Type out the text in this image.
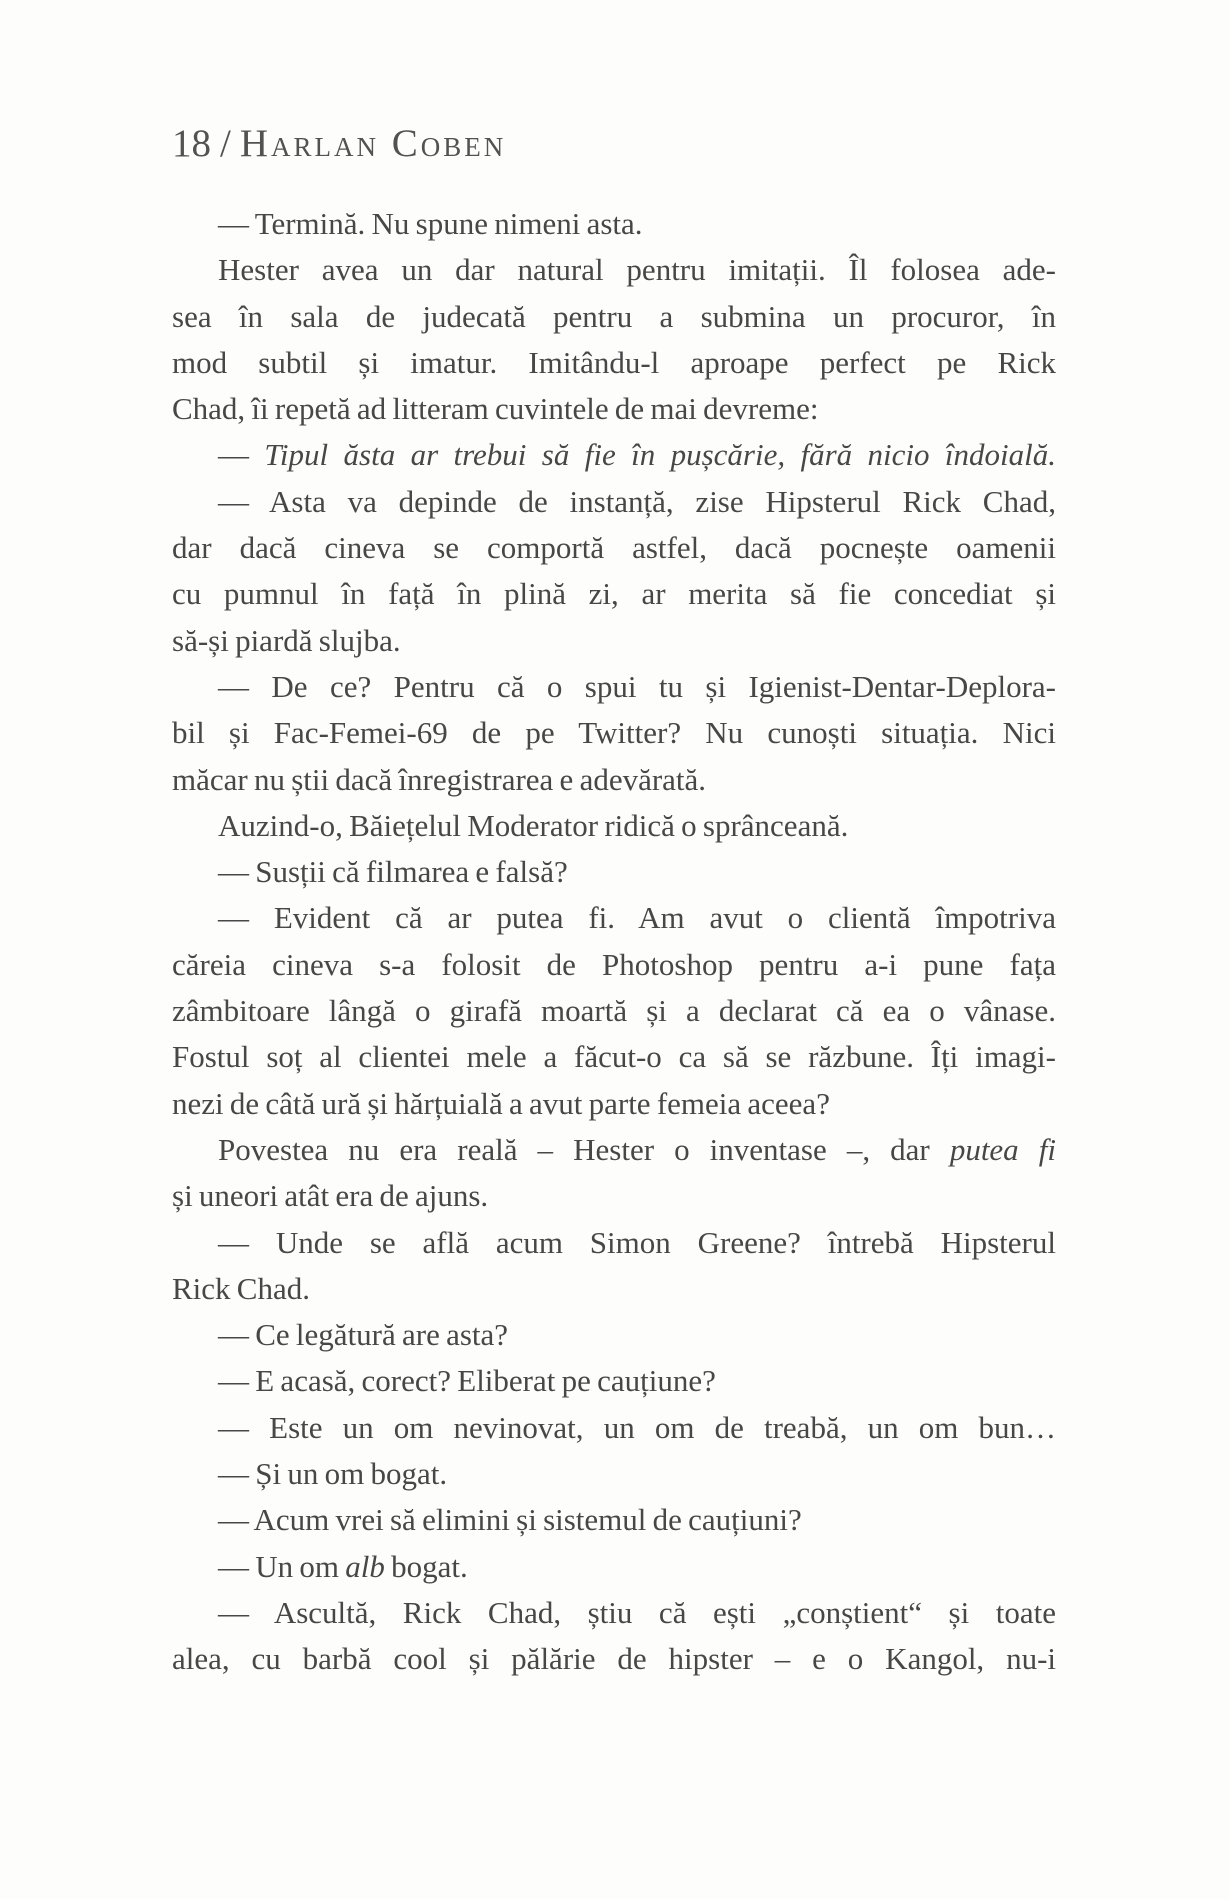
18 / Harlan Coben
— Termină. Nu spune nimeni asta.
Hester avea un dar natural pentru imitații. Îl folosea ade-
sea în sala de judecată pentru a submina un procuror, în
mod subtil și imatur. Imitându-l aproape perfect pe Rick
Chad, îi repetă ad litteram cuvintele de mai devreme:
— Tipul ăsta ar trebui să fie în pușcărie, fără nicio îndoială.
— Asta va depinde de instanță, zise Hipsterul Rick Chad,
dar dacă cineva se comportă astfel, dacă pocnește oamenii
cu pumnul în față în plină zi, ar merita să fie concediat și
să-și piardă slujba.
— De ce? Pentru că o spui tu și Igienist-Dentar-Deplora-
bil și Fac-Femei-69 de pe Twitter? Nu cunoști situația. Nici
măcar nu știi dacă înregistrarea e adevărată.
Auzind-o, Băiețelul Moderator ridică o sprânceană.
— Susții că filmarea e falsă?
— Evident că ar putea fi. Am avut o clientă împotriva
căreia cineva s-a folosit de Photoshop pentru a-i pune fața
zâmbitoare lângă o girafă moartă și a declarat că ea o vânase.
Fostul soț al clientei mele a făcut-o ca să se răzbune. Îți imagi-
nezi de câtă ură și hărțuială a avut parte femeia aceea?
Povestea nu era reală – Hester o inventase –, dar putea fi
și uneori atât era de ajuns.
— Unde se află acum Simon Greene? întrebă Hipsterul
Rick Chad.
— Ce legătură are asta?
— E acasă, corect? Eliberat pe cauțiune?
— Este un om nevinovat, un om de treabă, un om bun…
— Și un om bogat.
— Acum vrei să elimini și sistemul de cauțiuni?
— Un om alb bogat.
— Ascultă, Rick Chad, știu că ești „conștient“ și toate
alea, cu barbă cool și pălărie de hipster – e o Kangol, nu-i
